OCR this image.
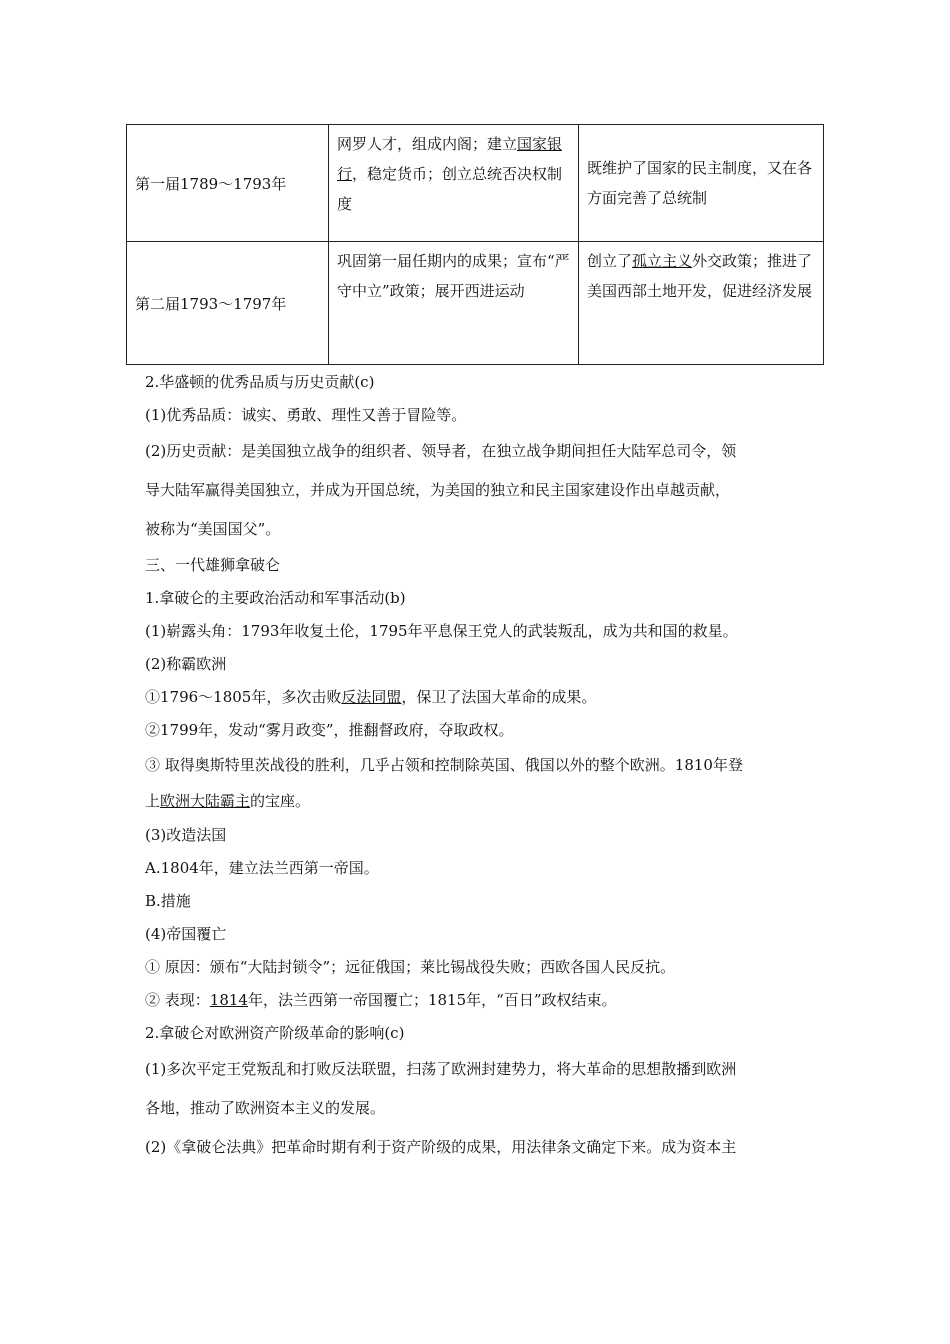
第一届1789～1793年	网罗人才，组成内阁；建立国家银行，稳定货币；创立总统否决权制度	既维护了国家的民主制度，又在各方面完善了总统制
第二届1793～1797年	巩固第一届任期内的成果；宣布“严守中立”政策；展开西进运动	创立了孤立主义外交政策；推进了美国西部土地开发，促进经济发展
2.华盛顿的优秀品质与历史贡献(c)
(1)优秀品质：诚实、勇敢、理性又善于冒险等。
(2)历史贡献：是美国独立战争的组织者、领导者，在独立战争期间担任大陆军总司令，领
导大陆军赢得美国独立，并成为开国总统，为美国的独立和民主国家建设作出卓越贡献，
被称为“美国国父”。
三、一代雄狮拿破仑
1.拿破仑的主要政治活动和军事活动(b)
(1)崭露头角：1793年收复土伦，1795年平息保王党人的武装叛乱，成为共和国的救星。
(2)称霸欧洲
①1796～1805年，多次击败反法同盟，保卫了法国大革命的成果。
②1799年，发动“雾月政变”，推翻督政府，夺取政权。
③ 取得奥斯特里茨战役的胜利，几乎占领和控制除英国、俄国以外的整个欧洲。1810年登
上欧洲大陆霸主的宝座。
(3)改造法国
A.1804年，建立法兰西第一帝国。
B.措施
(4)帝国覆亡
① 原因：颁布“大陆封锁令”；远征俄国；莱比锡战役失败；西欧各国人民反抗。
② 表现：1814年，法兰西第一帝国覆亡；1815年，“百日”政权结束。
2.拿破仑对欧洲资产阶级革命的影响(c)
(1)多次平定王党叛乱和打败反法联盟，扫荡了欧洲封建势力，将大革命的思想散播到欧洲
各地，推动了欧洲资本主义的发展。
(2)《拿破仑法典》把革命时期有利于资产阶级的成果，用法律条文确定下来。成为资本主
